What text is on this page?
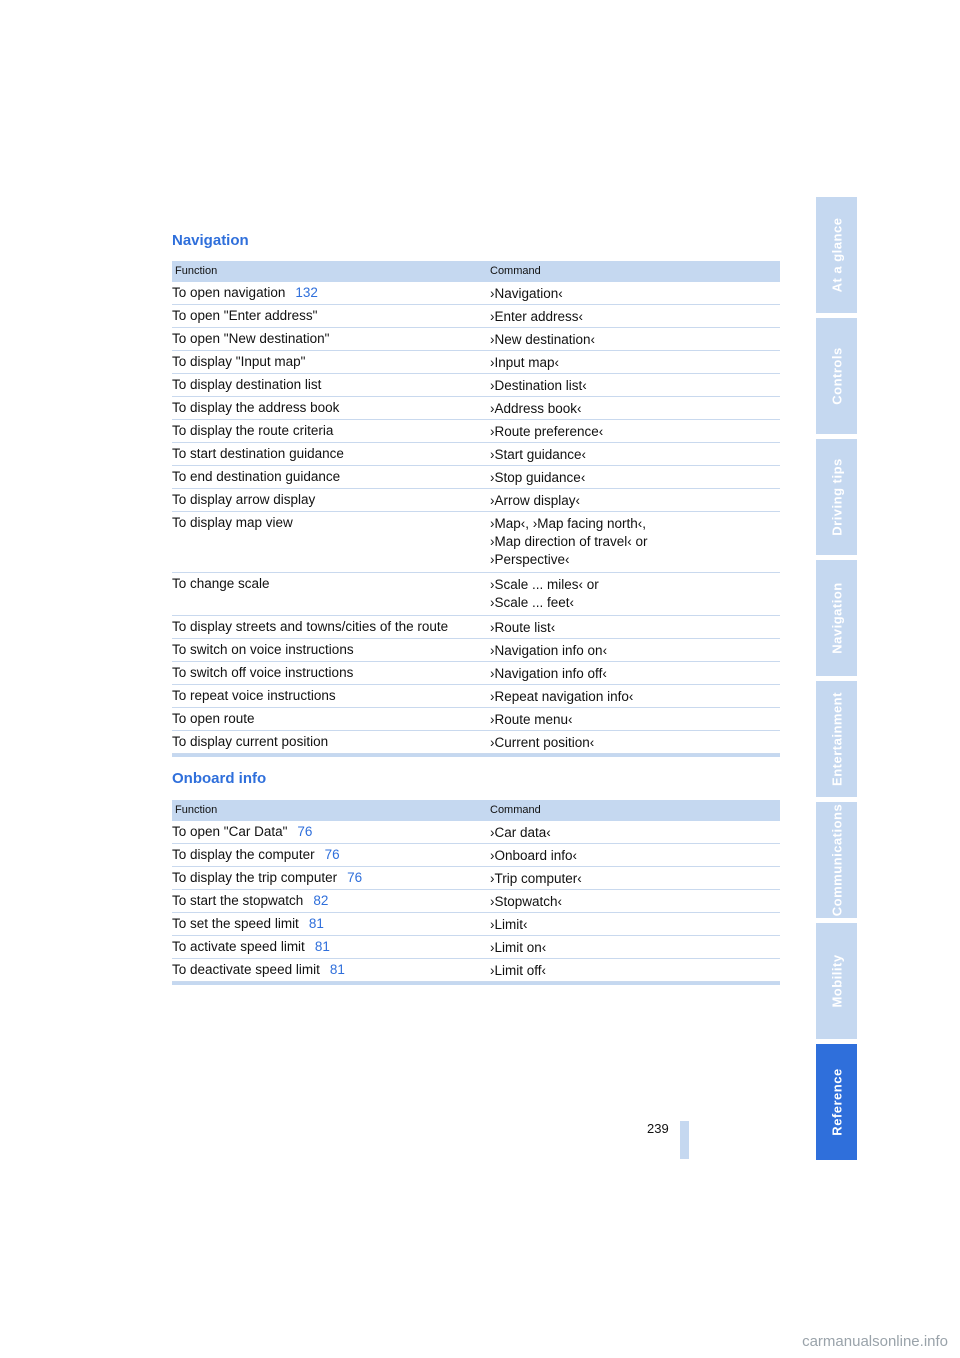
Navigation
Function	Command
To open navigation 132	›Navigation‹
To open "Enter address"	›Enter address‹
To open "New destination"	›New destination‹
To display "Input map"	›Input map‹
To display destination list	›Destination list‹
To display the address book	›Address book‹
To display the route criteria	›Route preference‹
To start destination guidance	›Start guidance‹
To end destination guidance	›Stop guidance‹
To display arrow display	›Arrow display‹
To display map view	›Map‹, ›Map facing north‹,
›Map direction of travel‹ or
›Perspective‹
To change scale	›Scale ... miles‹ or
›Scale ... feet‹
To display streets and towns/cities of the route	›Route list‹
To switch on voice instructions	›Navigation info on‹
To switch off voice instructions	›Navigation info off‹
To repeat voice instructions	›Repeat navigation info‹
To open route	›Route menu‹
To display current position	›Current position‹
Onboard info
Function	Command
To open "Car Data" 76	›Car data‹
To display the computer 76	›Onboard info‹
To display the trip computer 76	›Trip computer‹
To start the stopwatch 82	›Stopwatch‹
To set the speed limit 81	›Limit‹
To activate speed limit 81	›Limit on‹
To deactivate speed limit 81	›Limit off‹
At a glance
Controls
Driving tips
Navigation
Entertainment
Communications
Mobility
Reference
239
carmanualsonline.info
